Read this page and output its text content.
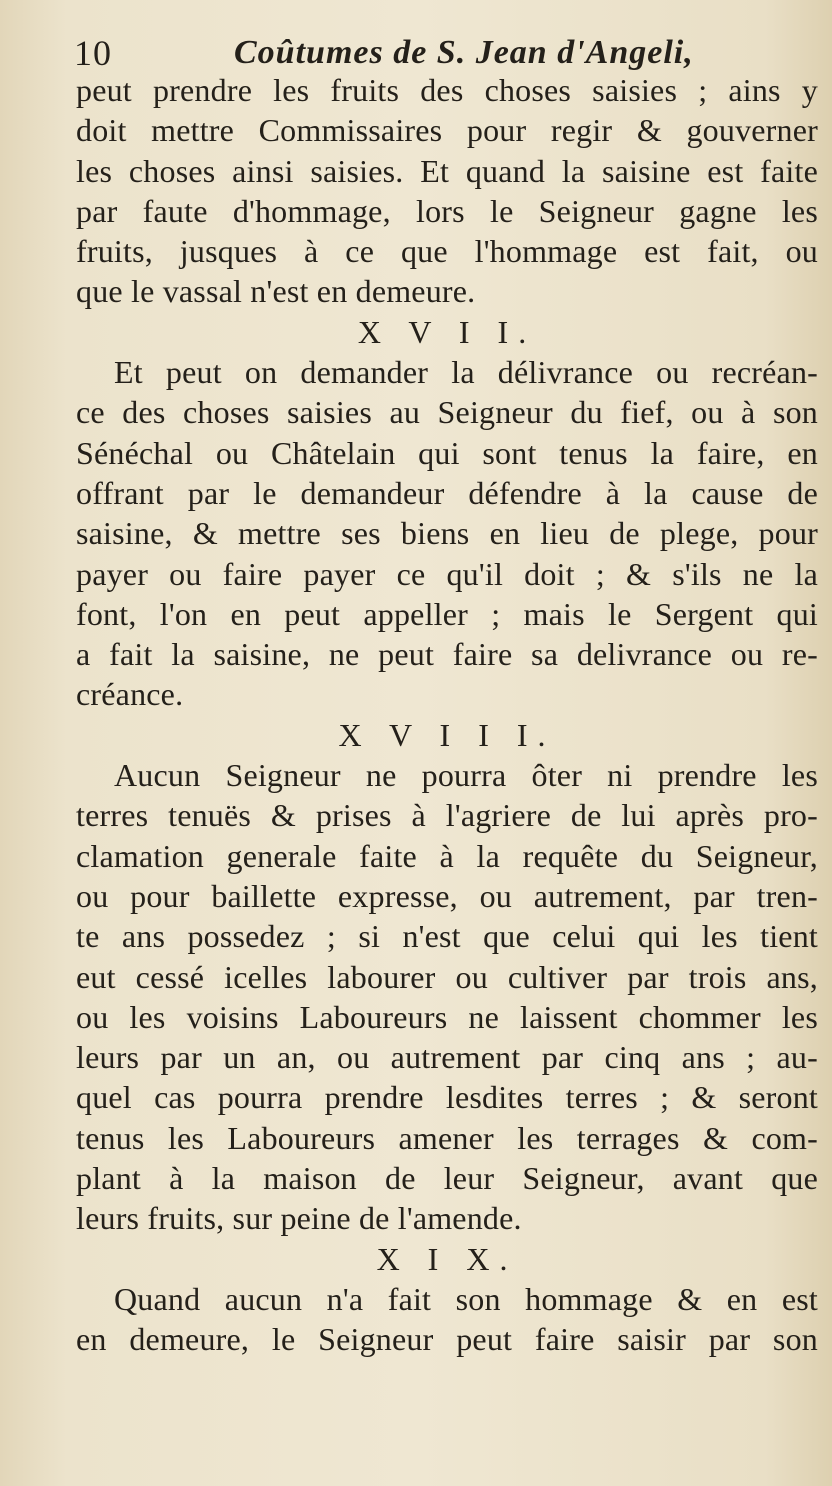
10	Coûtumes de S. Jean d'Angeli,
peut prendre les fruits des choses saisies ; ains y
doit mettre Commissaires pour regir & gouverner
les choses ainsi saisies. Et quand la saisine est faite
par faute d'hommage, lors le Seigneur gagne les
fruits, jusques à ce que l'hommage est fait, ou
que le vassal n'est en demeure.
X V I I.
Et peut on demander la délivrance ou recréan-
ce des choses saisies au Seigneur du fief, ou à son
Sénéchal ou Châtelain qui sont tenus la faire, en
offrant par le demandeur défendre à la cause de
saisine, & mettre ses biens en lieu de plege, pour
payer ou faire payer ce qu'il doit ; & s'ils ne la
font, l'on en peut appeller ; mais le Sergent qui
a fait la saisine, ne peut faire sa delivrance ou re-
créance.
X V I I I.
Aucun Seigneur ne pourra ôter ni prendre les
terres tenuës & prises à l'agriere de lui après pro-
clamation generale faite à la requête du Seigneur,
ou pour baillette expresse, ou autrement, par tren-
te ans possedez ; si n'est que celui qui les tient
eut cessé icelles labourer ou cultiver par trois ans,
ou les voisins Laboureurs ne laissent chommer les
leurs par un an, ou autrement par cinq ans ; au-
quel cas pourra prendre lesdites terres ; & seront
tenus les Laboureurs amener les terrages & com-
plant à la maison de leur Seigneur, avant que
leurs fruits, sur peine de l'amende.
X I X.
Quand aucun n'a fait son hommage & en est
en demeure, le Seigneur peut faire saisir par son
